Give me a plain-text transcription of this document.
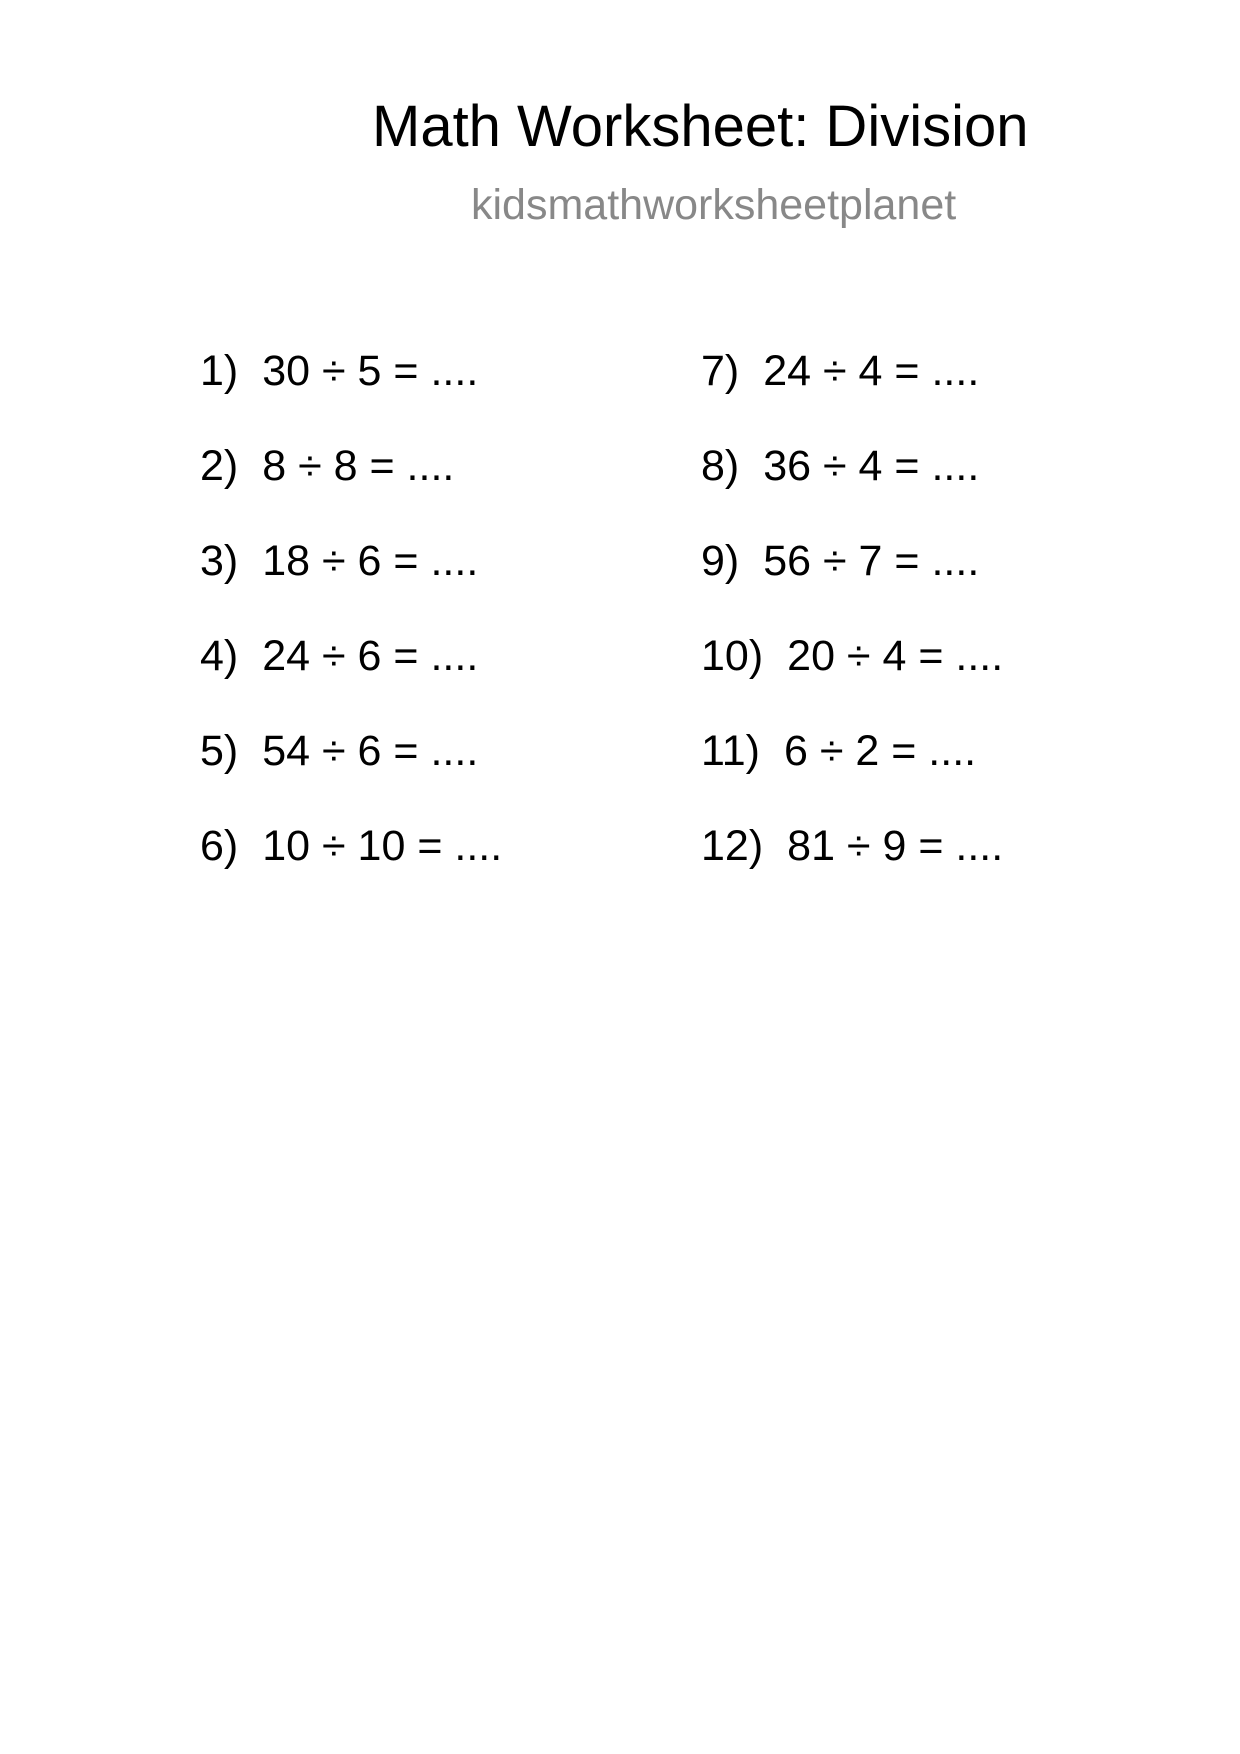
Math Worksheet: Division
kidsmathworksheetplanet
1) 30 ÷ 5 = ....
2) 8 ÷ 8 = ....
3) 18 ÷ 6 = ....
4) 24 ÷ 6 = ....
5) 54 ÷ 6 = ....
6) 10 ÷ 10 = ....
7) 24 ÷ 4 = ....
8) 36 ÷ 4 = ....
9) 56 ÷ 7 = ....
10) 20 ÷ 4 = ....
11) 6 ÷ 2 = ....
12) 81 ÷ 9 = ....
